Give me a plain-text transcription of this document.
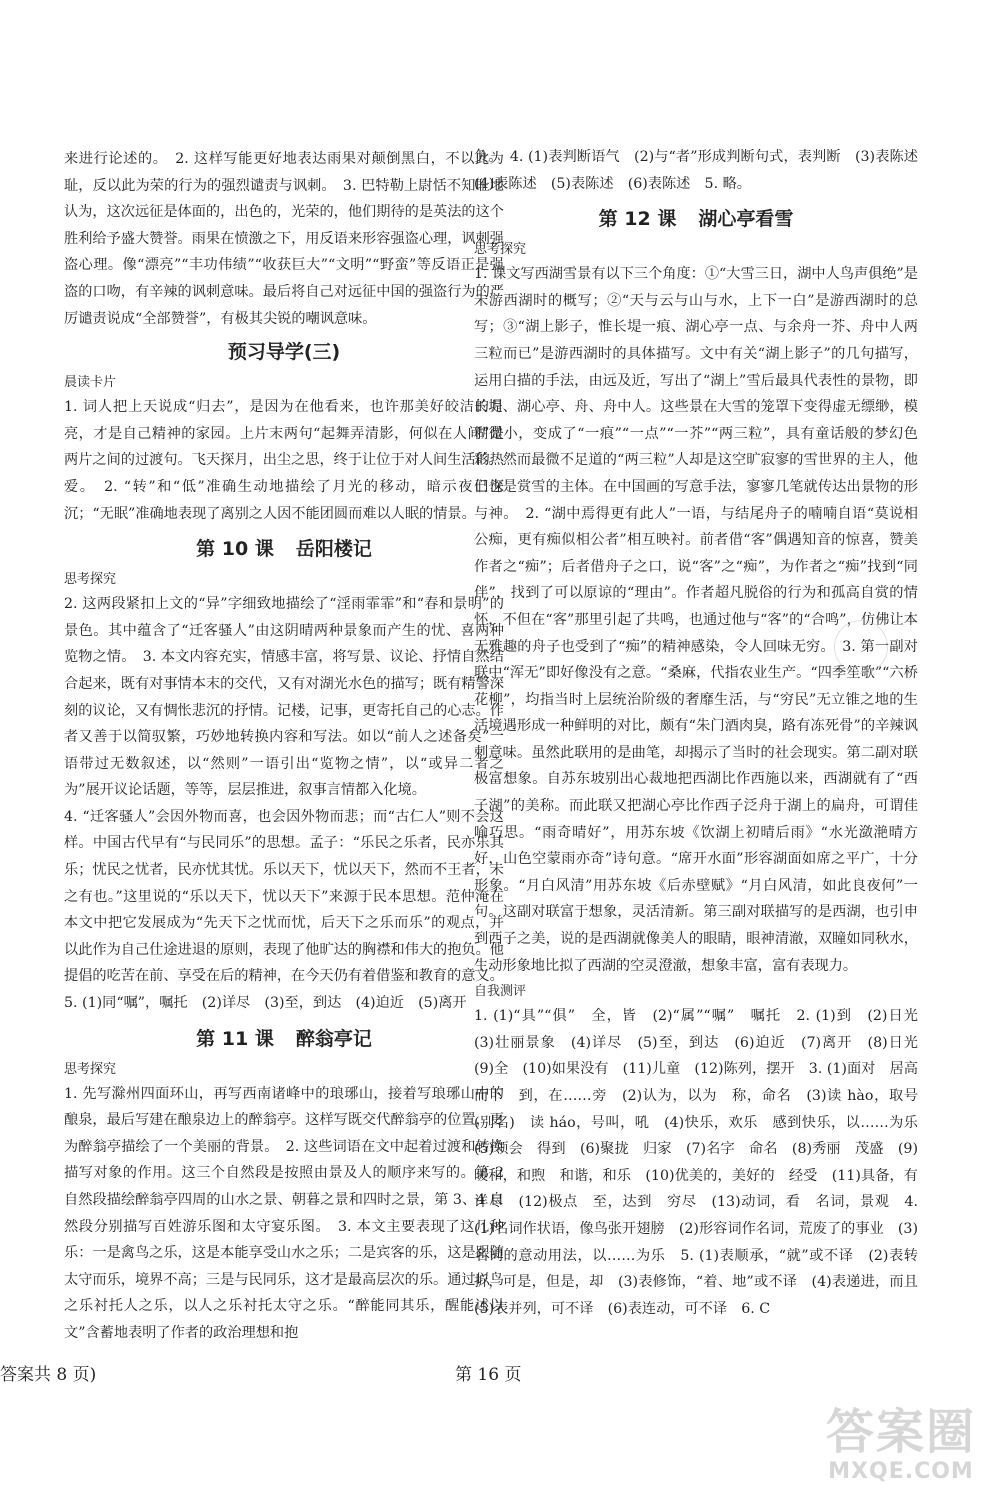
来进行论述的。　2. 这样写能更好地表达雨果对颠倒黑白，不以此为耻，反以此为荣的行为的强烈谴责与讽刺。　3. 巴特勒上尉恬不知耻地认为，这次远征是体面的，出色的，光荣的，他们期待的是英法的这个胜利给予盛大赞誉。雨果在愤激之下，用反语来形容强盗心理，讽刺强盗心理。像“漂亮”“丰功伟绩”“收获巨大”“文明”“野蛮”等反语正是强盗的口吻，有辛辣的讽刺意味。最后将自己对远征中国的强盗行为的严厉谴责说成“全部赞誉”，有极其尖锐的嘲讽意味。

预习导学(三)
晨读卡片

1. 词人把上天说成“归去”，是因为在他看来，也许那美好皎洁的月亮，才是自己精神的家园。上片末两句“起舞弄清影，何似在人间”是两片之间的过渡句。飞天探月，出尘之思，终于让位于对人间生活的热爱。　2. “转”和“低”准确生动地描绘了月光的移动，暗示夜已深沉；“无眠”准确地表现了离别之人因不能团圆而难以人眠的情景。

第 10 课 岳阳楼记
思考探究

2. 这两段紧扣上文的“异”字细致地描绘了“淫雨霏霏”和“春和景明”的景色。其中蕴含了“迁客骚人”由这阴晴两种景象而产生的忧、喜两种览物之情。　3. 本文内容充实，情感丰富，将写景、议论、抒情自然结合起来，既有对事情本末的交代，又有对湖光水色的描写；既有精警深刻的议论，又有惆怅悲沉的抒情。记楼，记事，更寄托自己的心志。作者又善于以简驭繁，巧妙地转换内容和写法。如以“前人之述备矣”一语带过无数叙述，以“然则”一语引出“览物之情”，以“或异二者之为”展开议论话题，等等，层层推进，叙事言情都入化境。

4. “迁客骚人”会因外物而喜，也会因外物而悲；而“古仁人”则不会这样。中国古代早有“与民同乐”的思想。孟子：“乐民之乐者，民亦乐其乐；忧民之忧者，民亦忧其忧。乐以天下，忧以天下，然而不王者，未之有也。”这里说的“乐以天下，忧以天下”来源于民本思想。范仲淹在本文中把它发展成为“先天下之忧而忧，后天下之乐而乐”的观点，并以此作为自己仕途进退的原则，表现了他旷达的胸襟和伟大的抱负。他提倡的吃苦在前、享受在后的精神，在今天仍有着借鉴和教育的意义。

5. (1)同“嘱”，嘱托　(2)详尽　(3)至，到达　(4)迫近　(5)离开

第 11 课 醉翁亭记
思考探究

1. 先写滁州四面环山，再写西南诸峰中的琅琊山，接着写琅琊山中的酿泉，最后写建在酿泉边上的醉翁亭。这样写既交代醉翁亭的位置，更为醉翁亭描绘了一个美丽的背景。　2. 这些词语在文中起着过渡和转换描写对象的作用。这三个自然段是按照由景及人的顺序来写的。第 2 自然段描绘醉翁亭四周的山水之景、朝暮之景和四时之景，第 3、4 自然段分别描写百姓游乐图和太守宴乐图。　3. 本文主要表现了这几种乐：一是禽鸟之乐，这是本能享受山水之乐；二是宾客的乐，这是跟随太守而乐，境界不高；三是与民同乐，这才是最高层次的乐。通过以鸟之乐衬托人之乐，以人之乐衬托太守之乐。“醉能同其乐，醒能述以文”含蓄地表明了作者的政治理想和抱

负。　4. (1)表判断语气　(2)与“者”形成判断句式，表判断　(3)表陈述　(4)表陈述　(5)表陈述　(6)表陈述　5. 略。

第 12 课 湖心亭看雪
思考探究

1. 课文写西湖雪景有以下三个角度：①“大雪三日，湖中人鸟声俱绝”是未游西湖时的概写；②“天与云与山与水，上下一白”是游西湖时的总写；③“湖上影子，惟长堤一痕、湖心亭一点、与余舟一芥、舟中人两三粒而已”是游西湖时的具体描写。文中有关“湖上影子”的几句描写，运用白描的手法，由远及近，写出了“湖上”雪后最具代表性的景物，即长堤、湖心亭、舟、舟中人。这些景在大雪的笼罩下变得虚无缥缈，模糊微小，变成了“一痕”“一点”“一芥”“两三粒”，具有童话般的梦幻色彩。然而最微不足道的“两三粒”人却是这空旷寂寥的雪世界的主人，他们也是赏雪的主体。在中国画的写意手法，寥寥几笔就传达出景物的形与神。　2. “湖中焉得更有此人”一语，与结尾舟子的喃喃自语“莫说相公痴，更有痴似相公者”相互映衬。前者借“客”偶遇知音的惊喜，赞美作者之“痴”；后者借舟子之口，说“客”之“痴”，为作者之“痴”找到“同伴”，找到了可以原谅的“理由”。作者超凡脱俗的行为和孤高自赏的情怀，不但在“客”那里引起了共鸣，也通过他与“客”的“合鸣”，仿佛让本无雅趣的舟子也受到了“痴”的精神感染，令人回味无穷。　3. 第一副对联中“浑无”即好像没有之意。“桑麻，代指农业生产。“四季笙歌”“六桥花柳”，均指当时上层统治阶级的奢靡生活，与“穷民”无立锥之地的生活境遇形成一种鲜明的对比，颇有“朱门酒肉臭，路有冻死骨”的辛辣讽刺意味。虽然此联用的是曲笔，却揭示了当时的社会现实。第二副对联极富想象。自苏东坡别出心裁地把西湖比作西施以来，西湖就有了“西子湖”的美称。而此联又把湖心亭比作西子泛舟于湖上的扁舟，可谓佳喻巧思。“雨奇晴好”，用苏东坡《饮湖上初晴后雨》“水光潋滟晴方好，山色空蒙雨亦奇”诗句意。“席开水面”形容湖面如席之平广，十分形象。“月白风清”用苏东坡《后赤壁赋》“月白风清，如此良夜何”一句。这副对联富于想象，灵活清新。第三副对联描写的是西湖，也引申到西子之美，说的是西湖就像美人的眼睛，眼神清澈，双瞳如同秋水，生动形象地比拟了西湖的空灵澄澈，想象丰富，富有表现力。

自我测评

1. (1)“具”“俱”　全，皆　(2)“属”“嘱”　嘱托　2. (1)到　(2)日光　(3)壮丽景象　(4)详尽　(5)至，到达　(6)迫近　(7)离开　(8)日光　(9)全　(10)如果没有　(11)儿童　(12)陈列，摆开　3. (1)面对　居高而下　到，在……旁　(2)认为，以为　称，命名　(3)读 hào，取号(别名)　读 háo，号叫，吼　(4)快乐，欢乐　感到快乐，以……为乐　(5)领会　得到　(6)聚拢　归家　(7)名字　命名　(8)秀丽　茂盛　(9)暖和，和煦　和谐，和乐　(10)优美的，美好的　经受　(11)具备，有　详尽　(12)极点　至，达到　穷尽　(13)动词，看　名词，景观　4. (1)名词作状语，像鸟张开翅膀　(2)形容词作名词，荒废了的事业　(3)名词的意动用法，以……为乐　5. (1)表顺承，“就”或不译　(2)表转折，可是，但是，却　(3)表修饰，“着、地”或不译　(4)表递进，而且　(5)表并列，可不译　(6)表连动，可不译　6. C

答案共 8 页)	第 16 页
答案圈
MXQE.COM
